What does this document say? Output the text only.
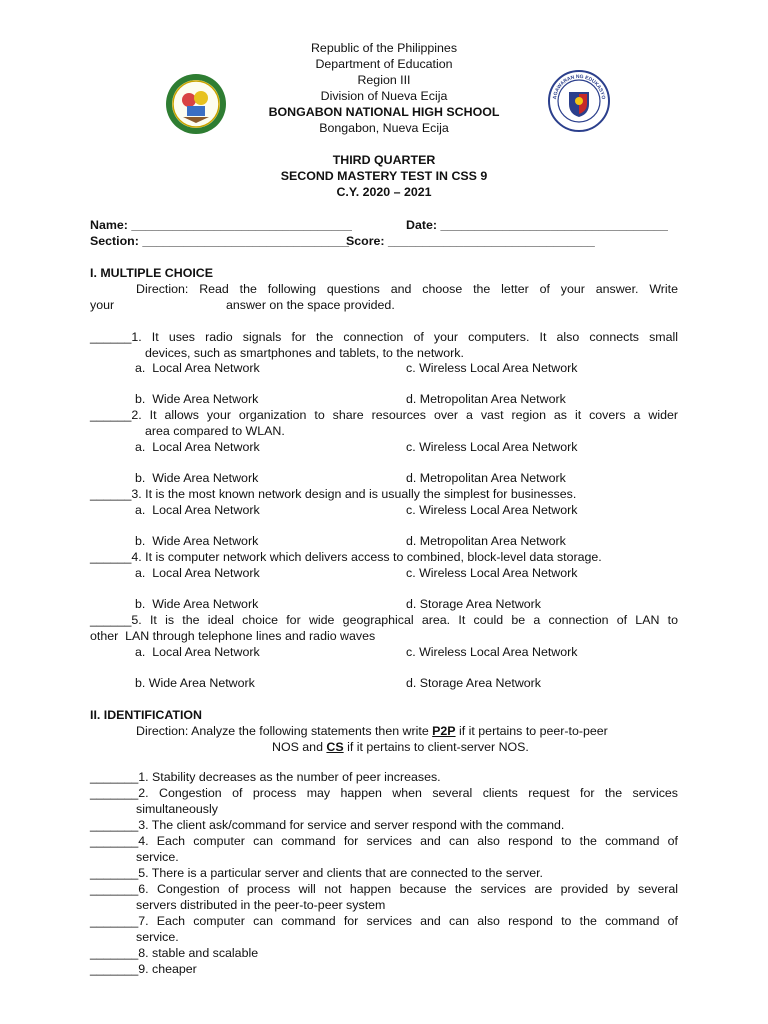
AGAWARAN NG EDUKASYO
Republic of the Philippines
Department of Education
Region III
Division of Nueva Ecija
BONGABON NATIONAL HIGH SCHOOL
Bongabon, Nueva Ecija
THIRD QUARTER
SECOND MASTERY TEST IN CSS 9
C.Y. 2020 – 2021
Name: ________________________________	Date: _________________________________
Section: ______________________________
Score: ______________________________
I. MULTIPLE CHOICE
Direction: Read the following questions and choose the letter of your answer. Write
your	answer on the space provided.
______1. It uses radio signals for the connection of your computers. It also connects small
devices, such as smartphones and tablets, to the network.
a.  Local Area Network	c. Wireless Local Area Network
b.  Wide Area Network	d. Metropolitan Area Network
______2. It allows your organization to share resources over a vast region as it covers a wider
area compared to WLAN.
a.  Local Area Network	c. Wireless Local Area Network
b.  Wide Area Network	d. Metropolitan Area Network
______3. It is the most known network design and is usually the simplest for businesses.
a.  Local Area Network	c. Wireless Local Area Network
b.  Wide Area Network	d. Metropolitan Area Network
______4. It is computer network which delivers access to combined, block-level data storage.
a.  Local Area Network	c. Wireless Local Area Network
b.  Wide Area Network	d. Storage Area Network
______5. It is the ideal choice for wide geographical area. It could be a connection of LAN to
other  LAN through telephone lines and radio waves
a.  Local Area Network	c. Wireless Local Area Network
b. Wide Area Network	d. Storage Area Network
II. IDENTIFICATION
Direction: Analyze the following statements then write P2P if it pertains to peer-to-peer
NOS and CS if it pertains to client-server NOS.
_______1. Stability decreases as the number of peer increases.
_______2. Congestion of process may happen when several clients request for the services
simultaneously
_______3. The client ask/command for service and server respond with the command.
_______4. Each computer can command for services and can also respond to the command of
service.
_______5. There is a particular server and clients that are connected to the server.
_______6. Congestion of process will not happen because the services are provided by several
servers distributed in the peer-to-peer system
_______7. Each computer can command for services and can also respond to the command of
service.
_______8. stable and scalable
_______9. cheaper
